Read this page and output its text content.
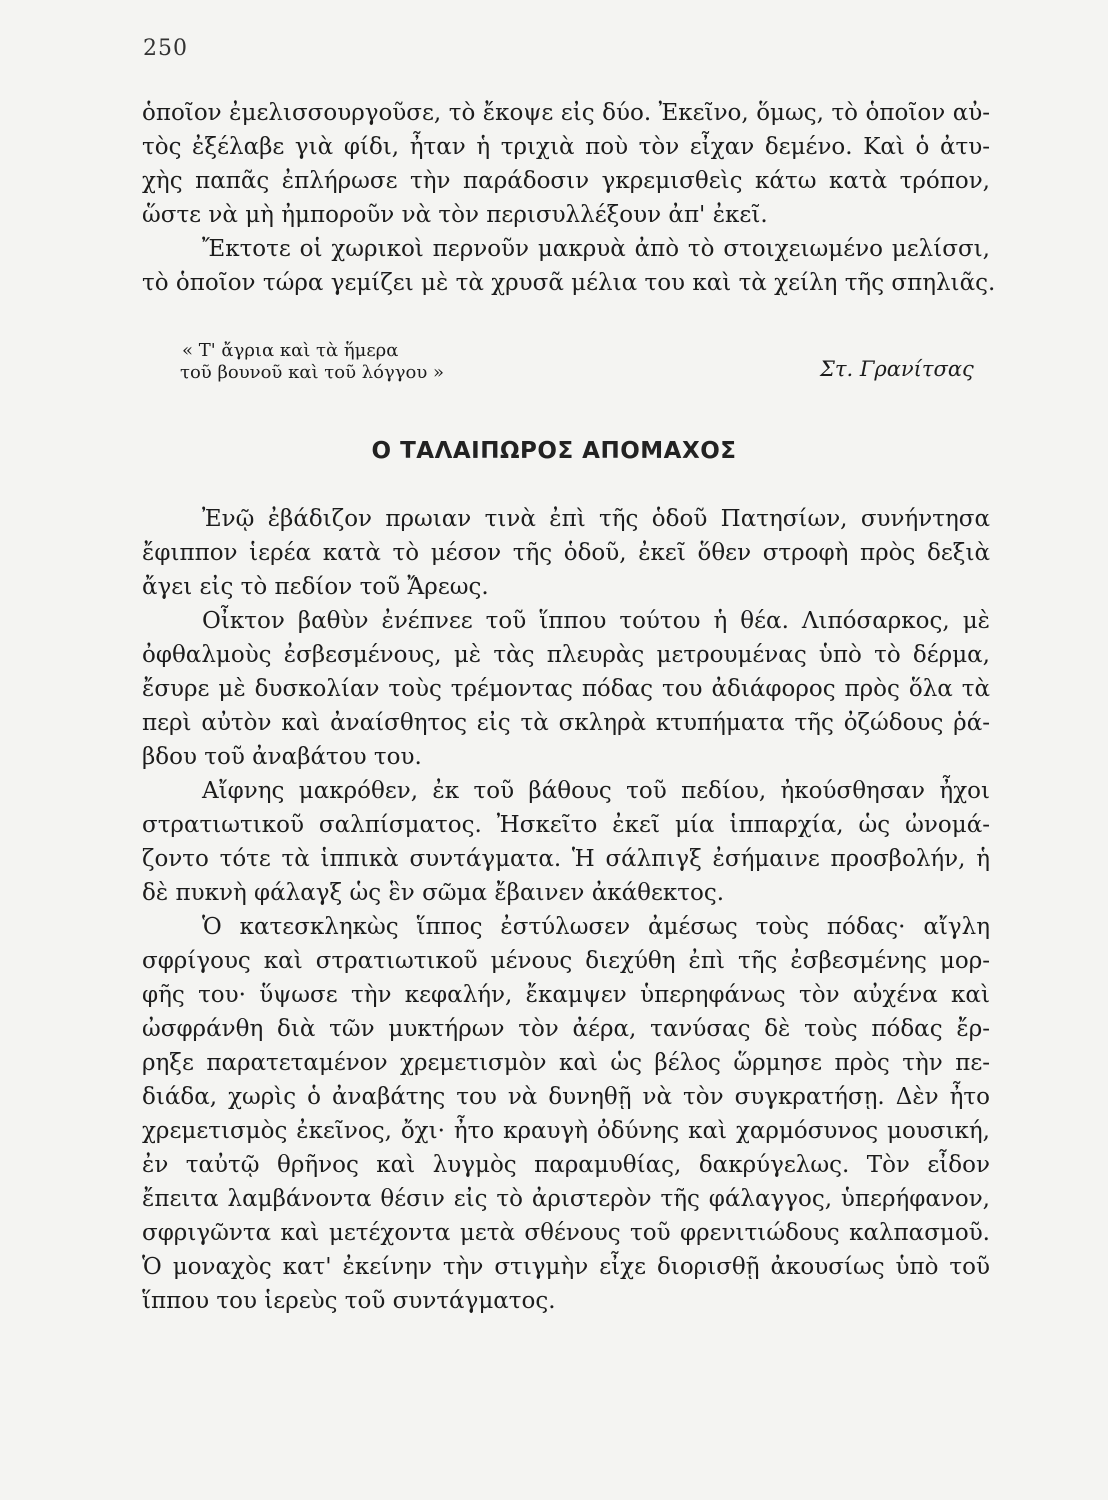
250

ὁποῖον ἐμελισσουργοῦσε, τὸ ἔκοψε εἰς δύο. Ἐκεῖνο, ὅμως, τὸ ὁποῖον αὐ-
τὸς ἐξέλαβε γιὰ φίδι, ἦταν ἡ τριχιὰ ποὺ τὸν εἶχαν δεμένο. Καὶ ὁ ἀτυ-
χὴς παπᾶς ἐπλήρωσε τὴν παράδοσιν γκρεμισθεὶς κάτω κατὰ τρόπον,
ὥστε νὰ μὴ ἠμποροῦν νὰ τὸν περισυλλέξουν ἀπ' ἐκεῖ.

Ἔκτοτε οἱ χωρικοὶ περνοῦν μακρυὰ ἀπὸ τὸ στοιχειωμένο μελίσσι,
τὸ ὁποῖον τώρα γεμίζει μὲ τὰ χρυσᾶ μέλια του καὶ τὰ χείλη τῆς σπηλιᾶς.

« Τ' ἄγρια καὶ τὰ ἥμερα
τοῦ βουνοῦ καὶ τοῦ λόγγου »	Στ. Γρανίτσας
Ο ΤΑΛΑΙΠΩΡΟΣ ΑΠΟΜΑΧΟΣ

Ἐνῷ ἐβάδιζον πρωιαν τινὰ ἐπὶ τῆς ὁδοῦ Πατησίων, συνήντησα
ἔφιππον ἱερέα κατὰ τὸ μέσον τῆς ὁδοῦ, ἐκεῖ ὅθεν στροφὴ πρὸς δεξιὰ
ἄγει εἰς τὸ πεδίον τοῦ Ἄρεως.

Οἶκτον βαθὺν ἐνέπνεε τοῦ ἵππου τούτου ἡ θέα. Λιπόσαρκος, μὲ
ὀφθαλμοὺς ἐσβεσμένους, μὲ τὰς πλευρὰς μετρουμένας ὑπὸ τὸ δέρμα,
ἔσυρε μὲ δυσκολίαν τοὺς τρέμοντας πόδας του ἀδιάφορος πρὸς ὅλα τὰ
περὶ αὐτὸν καὶ ἀναίσθητος εἰς τὰ σκληρὰ κτυπήματα τῆς ὀζώδους ῥά-
βδου τοῦ ἀναβάτου του.

Αἴφνης μακρόθεν, ἐκ τοῦ βάθους τοῦ πεδίου, ἠκούσθησαν ἦχοι
στρατιωτικοῦ σαλπίσματος. Ἠσκεῖτο ἐκεῖ μία ἱππαρχία, ὡς ὠνομά-
ζοντο τότε τὰ ἱππικὰ συντάγματα. Ἡ σάλπιγξ ἐσήμαινε προσβολήν, ἡ
δὲ πυκνὴ φάλαγξ ὡς ἓν σῶμα ἔβαινεν ἀκάθεκτος.

Ὁ κατεσκληκὼς ἵππος ἐστύλωσεν ἀμέσως τοὺς πόδας· αἴγλη
σφρίγους καὶ στρατιωτικοῦ μένους διεχύθη ἐπὶ τῆς ἐσβεσμένης μορ-
φῆς του· ὕψωσε τὴν κεφαλήν, ἔκαμψεν ὑπερηφάνως τὸν αὐχένα καὶ
ὠσφράνθη διὰ τῶν μυκτήρων τὸν ἀέρα, τανύσας δὲ τοὺς πόδας ἔρ-
ρηξε παρατεταμένον χρεμετισμὸν καὶ ὡς βέλος ὥρμησε πρὸς τὴν πε-
διάδα, χωρὶς ὁ ἀναβάτης του νὰ δυνηθῇ νὰ τὸν συγκρατήσῃ. Δὲν ἦτο
χρεμετισμὸς ἐκεῖνος, ὄχι· ἦτο κραυγὴ ὀδύνης καὶ χαρμόσυνος μουσική,
ἐν ταὐτῷ θρῆνος καὶ λυγμὸς παραμυθίας, δακρύγελως. Τὸν εἶδον
ἔπειτα λαμβάνοντα θέσιν εἰς τὸ ἀριστερὸν τῆς φάλαγγος, ὑπερήφανον,
σφριγῶντα καὶ μετέχοντα μετὰ σθένους τοῦ φρενιτιώδους καλπασμοῦ.
Ὁ μοναχὸς κατ' ἐκείνην τὴν στιγμὴν εἶχε διορισθῇ ἀκουσίως ὑπὸ τοῦ
ἵππου του ἱερεὺς τοῦ συντάγματος.
